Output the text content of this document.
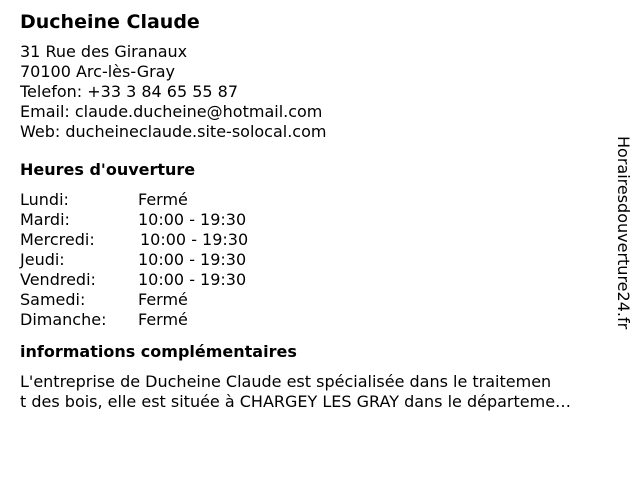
Ducheine Claude
31 Rue des Giranaux
70100 Arc-lès-Gray
Telefon: +33 3 84 65 55 87
Email: claude.ducheine@hotmail.com
Web: ducheineclaude.site-solocal.com
Heures d'ouverture
Lundi:	Fermé
Mardi:	10:00 - 19:30
Mercredi:	10:00 - 19:30
Jeudi:	10:00 - 19:30
Vendredi:	10:00 - 19:30
Samedi:	Fermé
Dimanche: Fermé
informations complémentaires
L'entreprise de Ducheine Claude est spécialisée dans le traitemen
t des bois, elle est située à CHARGEY LES GRAY dans le départeme…
Horairesdouverture24.fr
